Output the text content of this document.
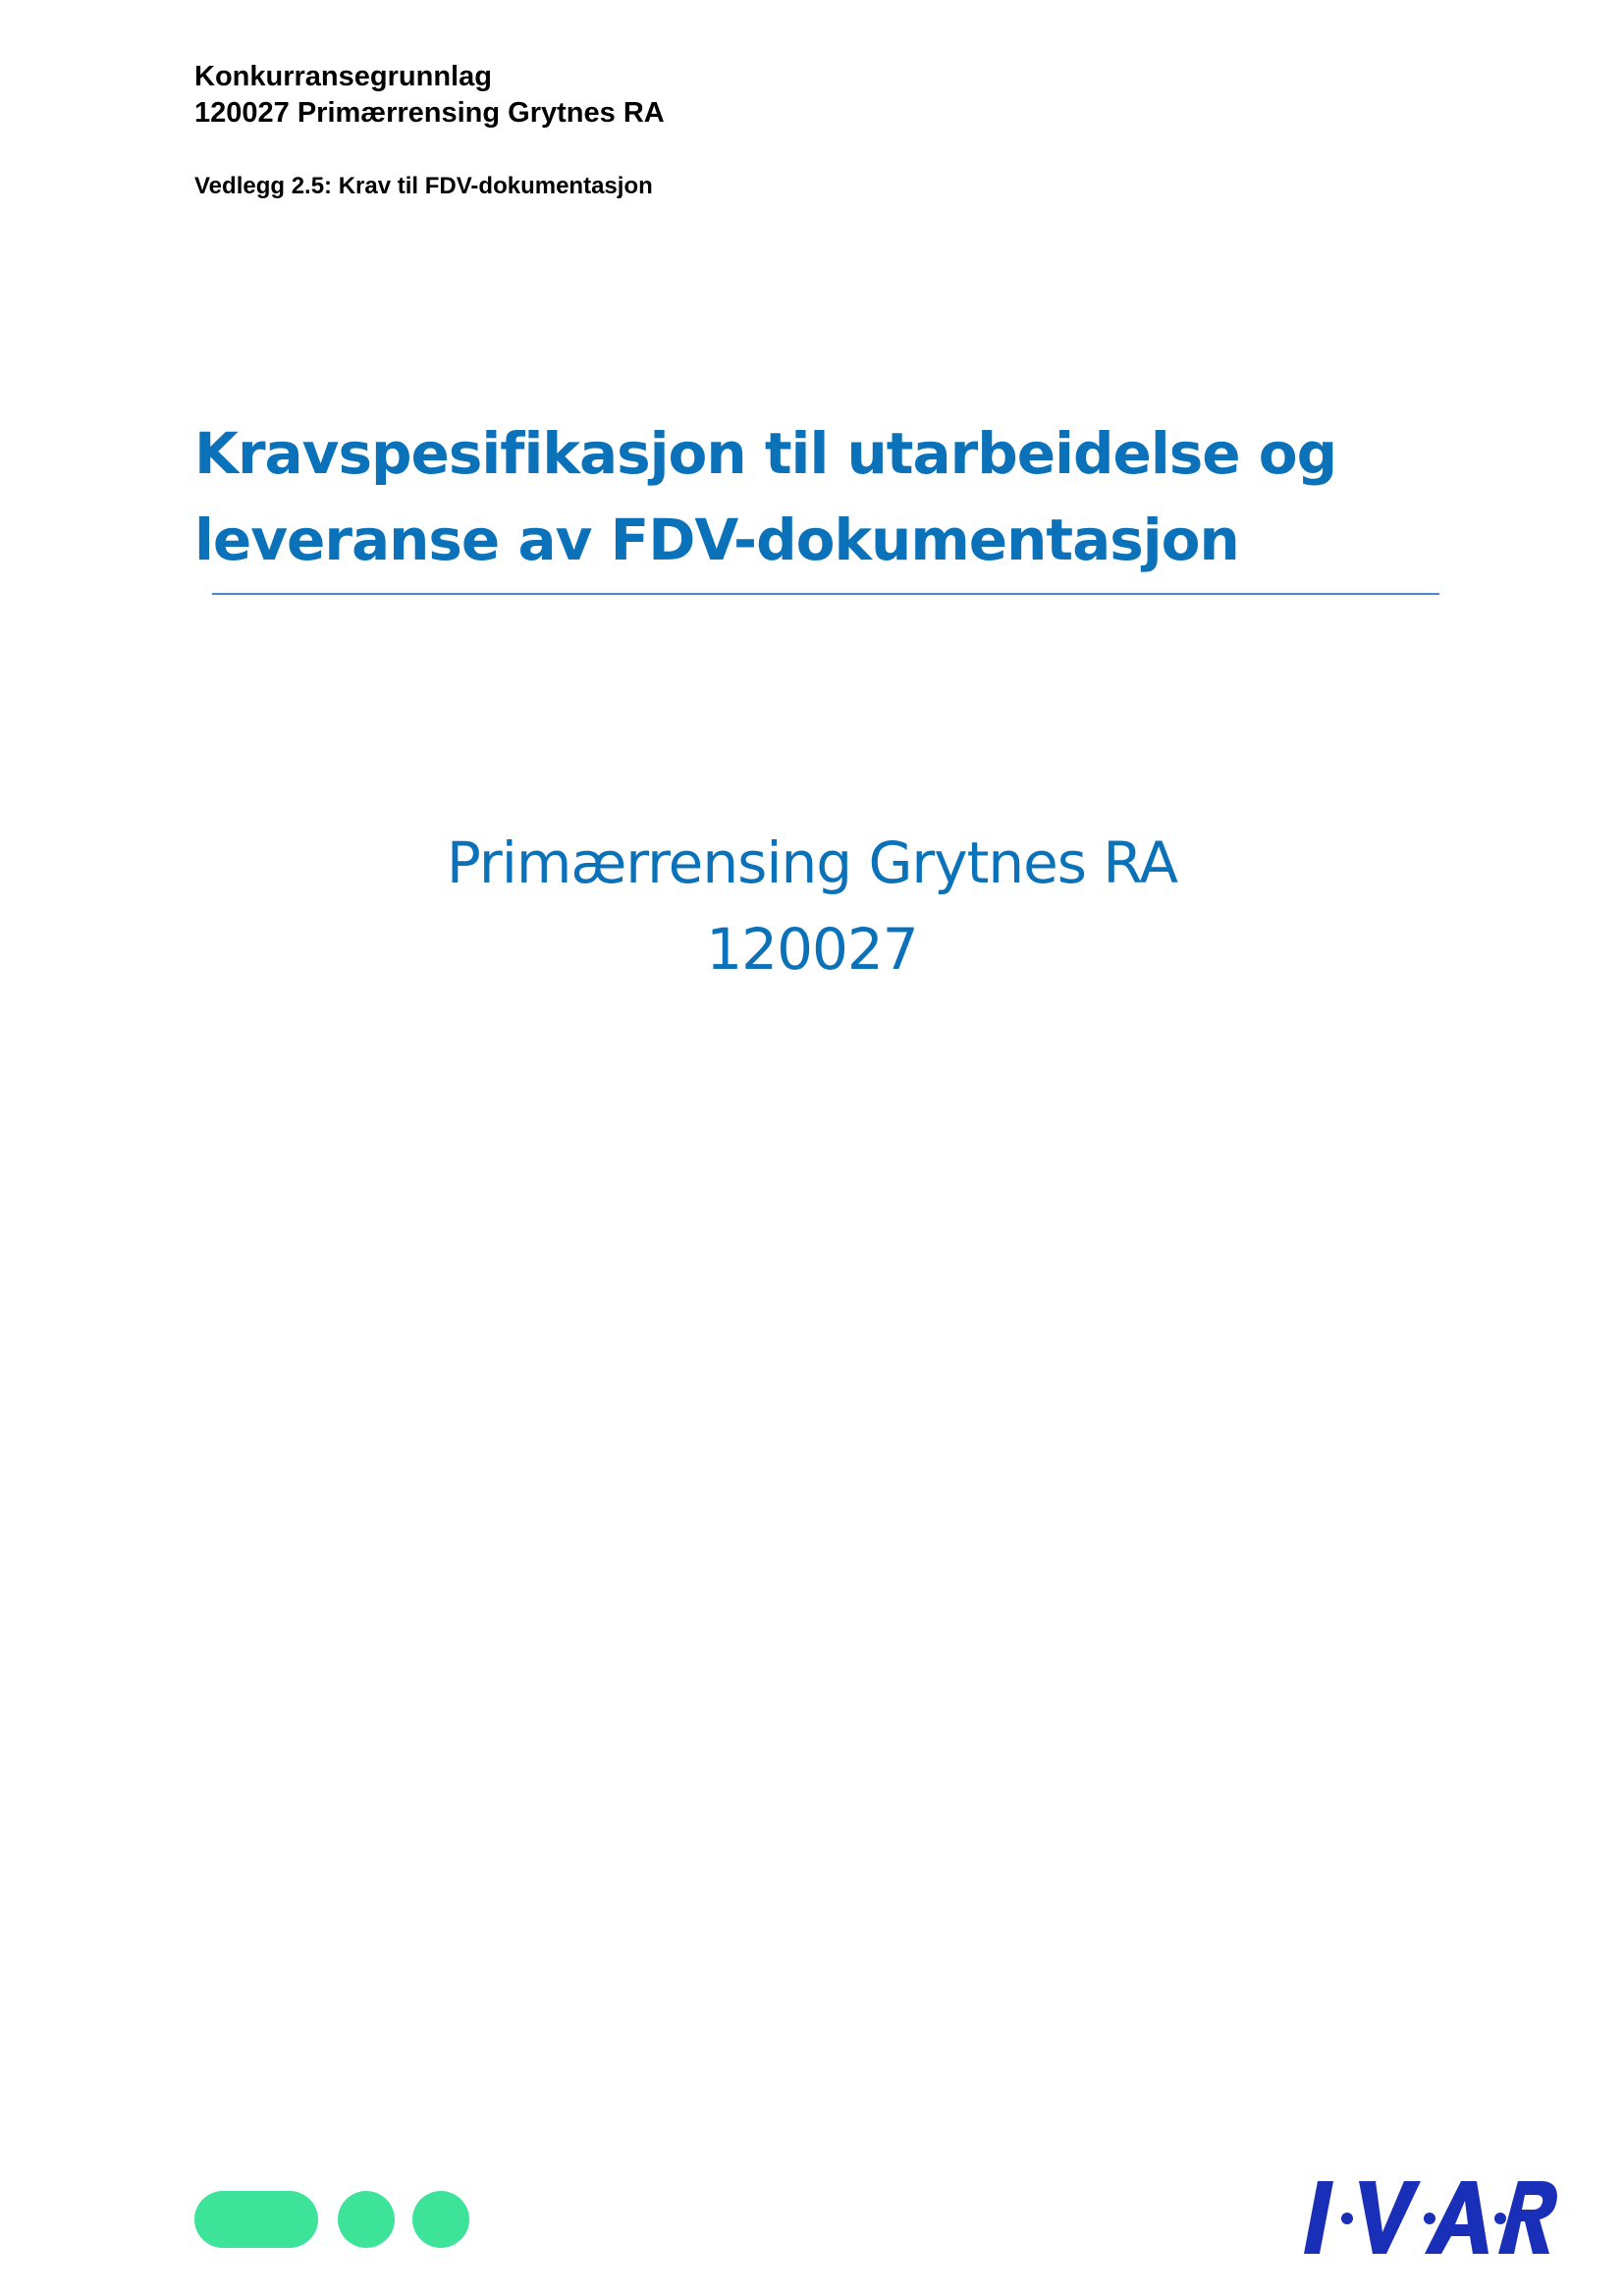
Konkurransegrunnlag

120027 Primærrensing Grytnes RA

Vedlegg 2.5: Krav til FDV-dokumentasjon

Kravspesifikasjon til utarbeidelse og
leveranse av FDV-dokumentasjon

Primærrensing Grytnes RA

120027
